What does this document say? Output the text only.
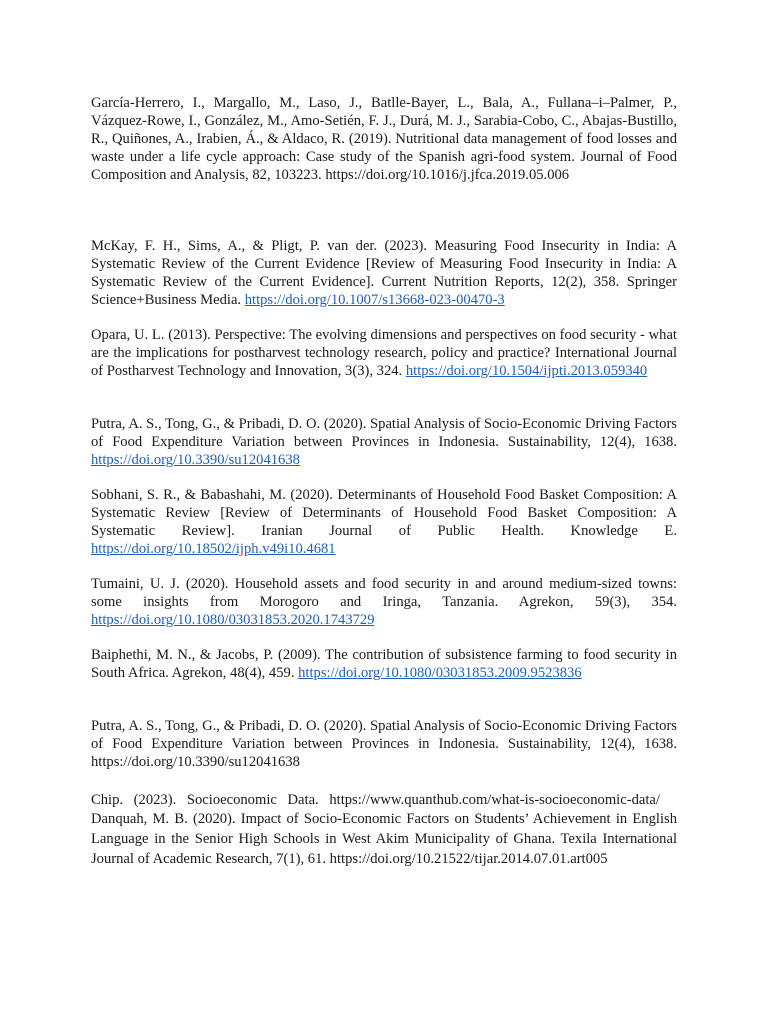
García-Herrero, I., Margallo, M., Laso, J., Batlle-Bayer, L., Bala, A., Fullana–i–Palmer, P., Vázquez-Rowe, I., González, M., Amo-Setién, F. J., Durá, M. J., Sarabia-Cobo, C., Abajas-Bustillo, R., Quiñones, A., Irabien, Á., & Aldaco, R. (2019). Nutritional data management of food losses and waste under a life cycle approach: Case study of the Spanish agri-food system. Journal of Food Composition and Analysis, 82, 103223. https://doi.org/10.1016/j.jfca.2019.05.006

McKay, F. H., Sims, A., & Pligt, P. van der. (2023). Measuring Food Insecurity in India: A Systematic Review of the Current Evidence [Review of Measuring Food Insecurity in India: A Systematic Review of the Current Evidence]. Current Nutrition Reports, 12(2), 358. Springer Science+Business Media. https://doi.org/10.1007/s13668-023-00470-3

Opara, U. L. (2013). Perspective: The evolving dimensions and perspectives on food security - what are the implications for postharvest technology research, policy and practice? International Journal of Postharvest Technology and Innovation, 3(3), 324. https://doi.org/10.1504/ijpti.2013.059340

Putra, A. S., Tong, G., & Pribadi, D. O. (2020). Spatial Analysis of Socio-Economic Driving Factors of Food Expenditure Variation between Provinces in Indonesia. Sustainability, 12(4), 1638. https://doi.org/10.3390/su12041638

Sobhani, S. R., & Babashahi, M. (2020). Determinants of Household Food Basket Composition: A Systematic Review [Review of Determinants of Household Food Basket Composition: A Systematic Review]. Iranian Journal of Public Health. Knowledge E. https://doi.org/10.18502/ijph.v49i10.4681

Tumaini, U. J. (2020). Household assets and food security in and around medium-sized towns: some insights from Morogoro and Iringa, Tanzania. Agrekon, 59(3), 354. https://doi.org/10.1080/03031853.2020.1743729

Baiphethi, M. N., & Jacobs, P. (2009). The contribution of subsistence farming to food security in South Africa. Agrekon, 48(4), 459. https://doi.org/10.1080/03031853.2009.9523836

Putra, A. S., Tong, G., & Pribadi, D. O. (2020). Spatial Analysis of Socio-Economic Driving Factors of Food Expenditure Variation between Provinces in Indonesia. Sustainability, 12(4), 1638. https://doi.org/10.3390/su12041638

Chip. (2023). Socioeconomic Data. https://www.quanthub.com/what-is-socioeconomic-data/

Danquah, M. B. (2020). Impact of Socio-Economic Factors on Students’ Achievement in English Language in the Senior High Schools in West Akim Municipality of Ghana. Texila International Journal of Academic Research, 7(1), 61. https://doi.org/10.21522/tijar.2014.07.01.art005
